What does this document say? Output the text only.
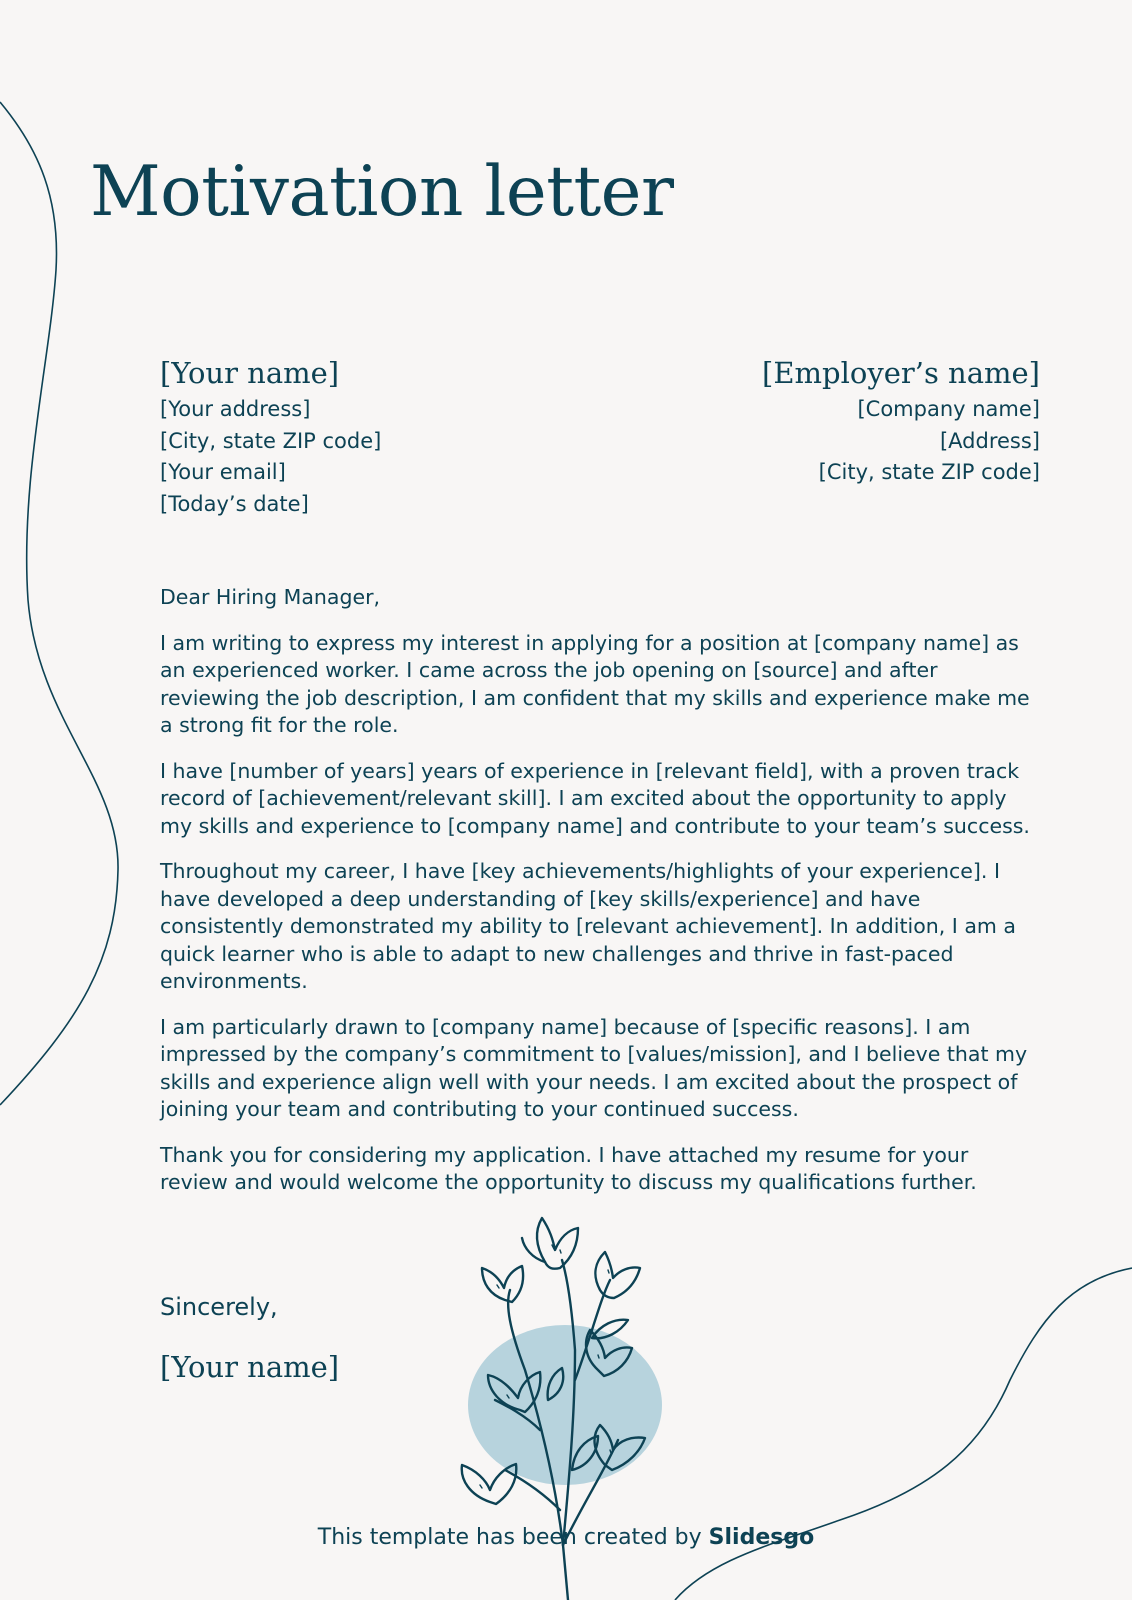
Motivation letter
[Your name]
[Your address]
[City, state ZIP code]
[Your email]
[Today’s date]
[Employer’s name]
[Company name]
[Address]
[City, state ZIP code]

Dear Hiring Manager,

I am writing to express my interest in applying for a position at [company name] as an experienced worker. I came across the job opening on [source] and after reviewing the job description, I am confident that my skills and experience make me a strong fit for the role.

I have [number of years] years of experience in [relevant field], with a proven track record of [achievement/relevant skill]. I am excited about the opportunity to apply my skills and experience to [company name] and contribute to your team’s success.

Throughout my career, I have [key achievements/highlights of your experience]. I have developed a deep understanding of [key skills/experience] and have consistently demonstrated my ability to [relevant achievement]. In addition, I am a quick learner who is able to adapt to new challenges and thrive in fast-paced environments.

I am particularly drawn to [company name] because of [specific reasons]. I am impressed by the company’s commitment to [values/mission], and I believe that my skills and experience align well with your needs. I am excited about the prospect of joining your team and contributing to your continued success.

Thank you for considering my application. I have attached my resume for your review and would welcome the opportunity to discuss my qualifications further.

Sincerely,
[Your name]
This template has been created by Slidesgo
